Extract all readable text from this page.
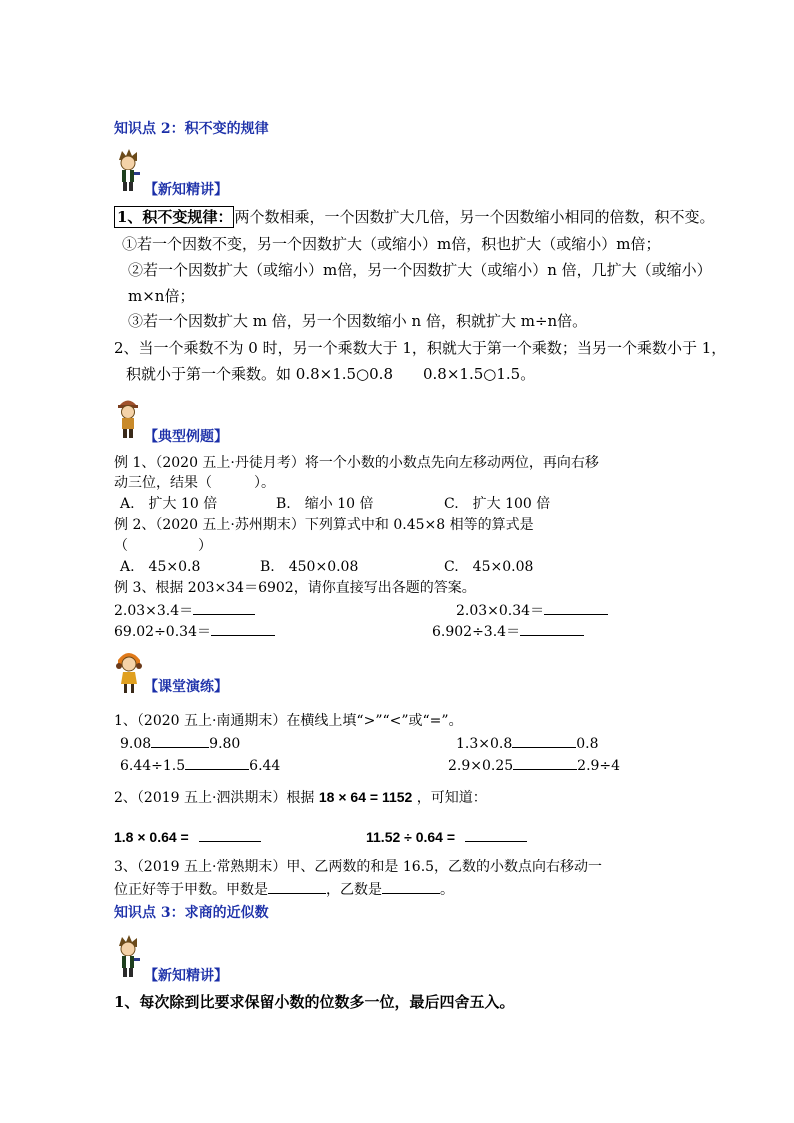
知识点 2：积不变的规律
【新知精讲】
1、积不变规律： 两个数相乘，一个因数扩大几倍，另一个因数缩小相同的倍数，积不变。
①若一个因数不变，另一个因数扩大（或缩小）m倍，积也扩大（或缩小）m倍；
②若一个因数扩大（或缩小）m倍，另一个因数扩大（或缩小）n 倍，几扩大（或缩小）
m×n倍；
③若一个因数扩大 m 倍，另一个因数缩小 n 倍，积就扩大 m÷n倍。
2、当一个乘数不为 0 时，另一个乘数大于 1，积就大于第一个乘数；当另一个乘数小于 1，
积就小于第一个乘数。如 0.8×1.5○0.8　　0.8×1.5○1.5。
【典型例题】
例 1、（2020 五上·丹徒月考）将一个小数的小数点先向左移动两位，再向右移
动三位，结果（　　　）。
A.　扩大 10 倍	B.　缩小 10 倍	C.　扩大 100 倍
例 2、（2020 五上·苏州期末）下列算式中和 0.45×8 相等的算式是
（　　　　　）
A.　45×0.8	B.　450×0.08	C.　45×0.08
例 3、根据 203×34＝6902，请你直接写出各题的答案。
2.03×3.4＝	2.03×0.34＝
69.02÷0.34＝	6.902÷3.4＝
【课堂演练】
1、（2020 五上·南通期末）在横线上填“>”“<”或“=”。
9.08	9.80	1.3×0.8	0.8
6.44÷1.5	6.44	2.9×0.25	2.9÷4
2、（2019 五上·泗洪期末）根据 18 × 64 = 1152 ，可知道：
1.8 × 0.64 =	11.52 ÷ 0.64 =
3、（2019 五上·常熟期末）甲、乙两数的和是 16.5，乙数的小数点向右移动一
位正好等于甲数。甲数是	，乙数是	。
知识点 3：求商的近似数
【新知精讲】
1、每次除到比要求保留小数的位数多一位，最后四舍五入。
